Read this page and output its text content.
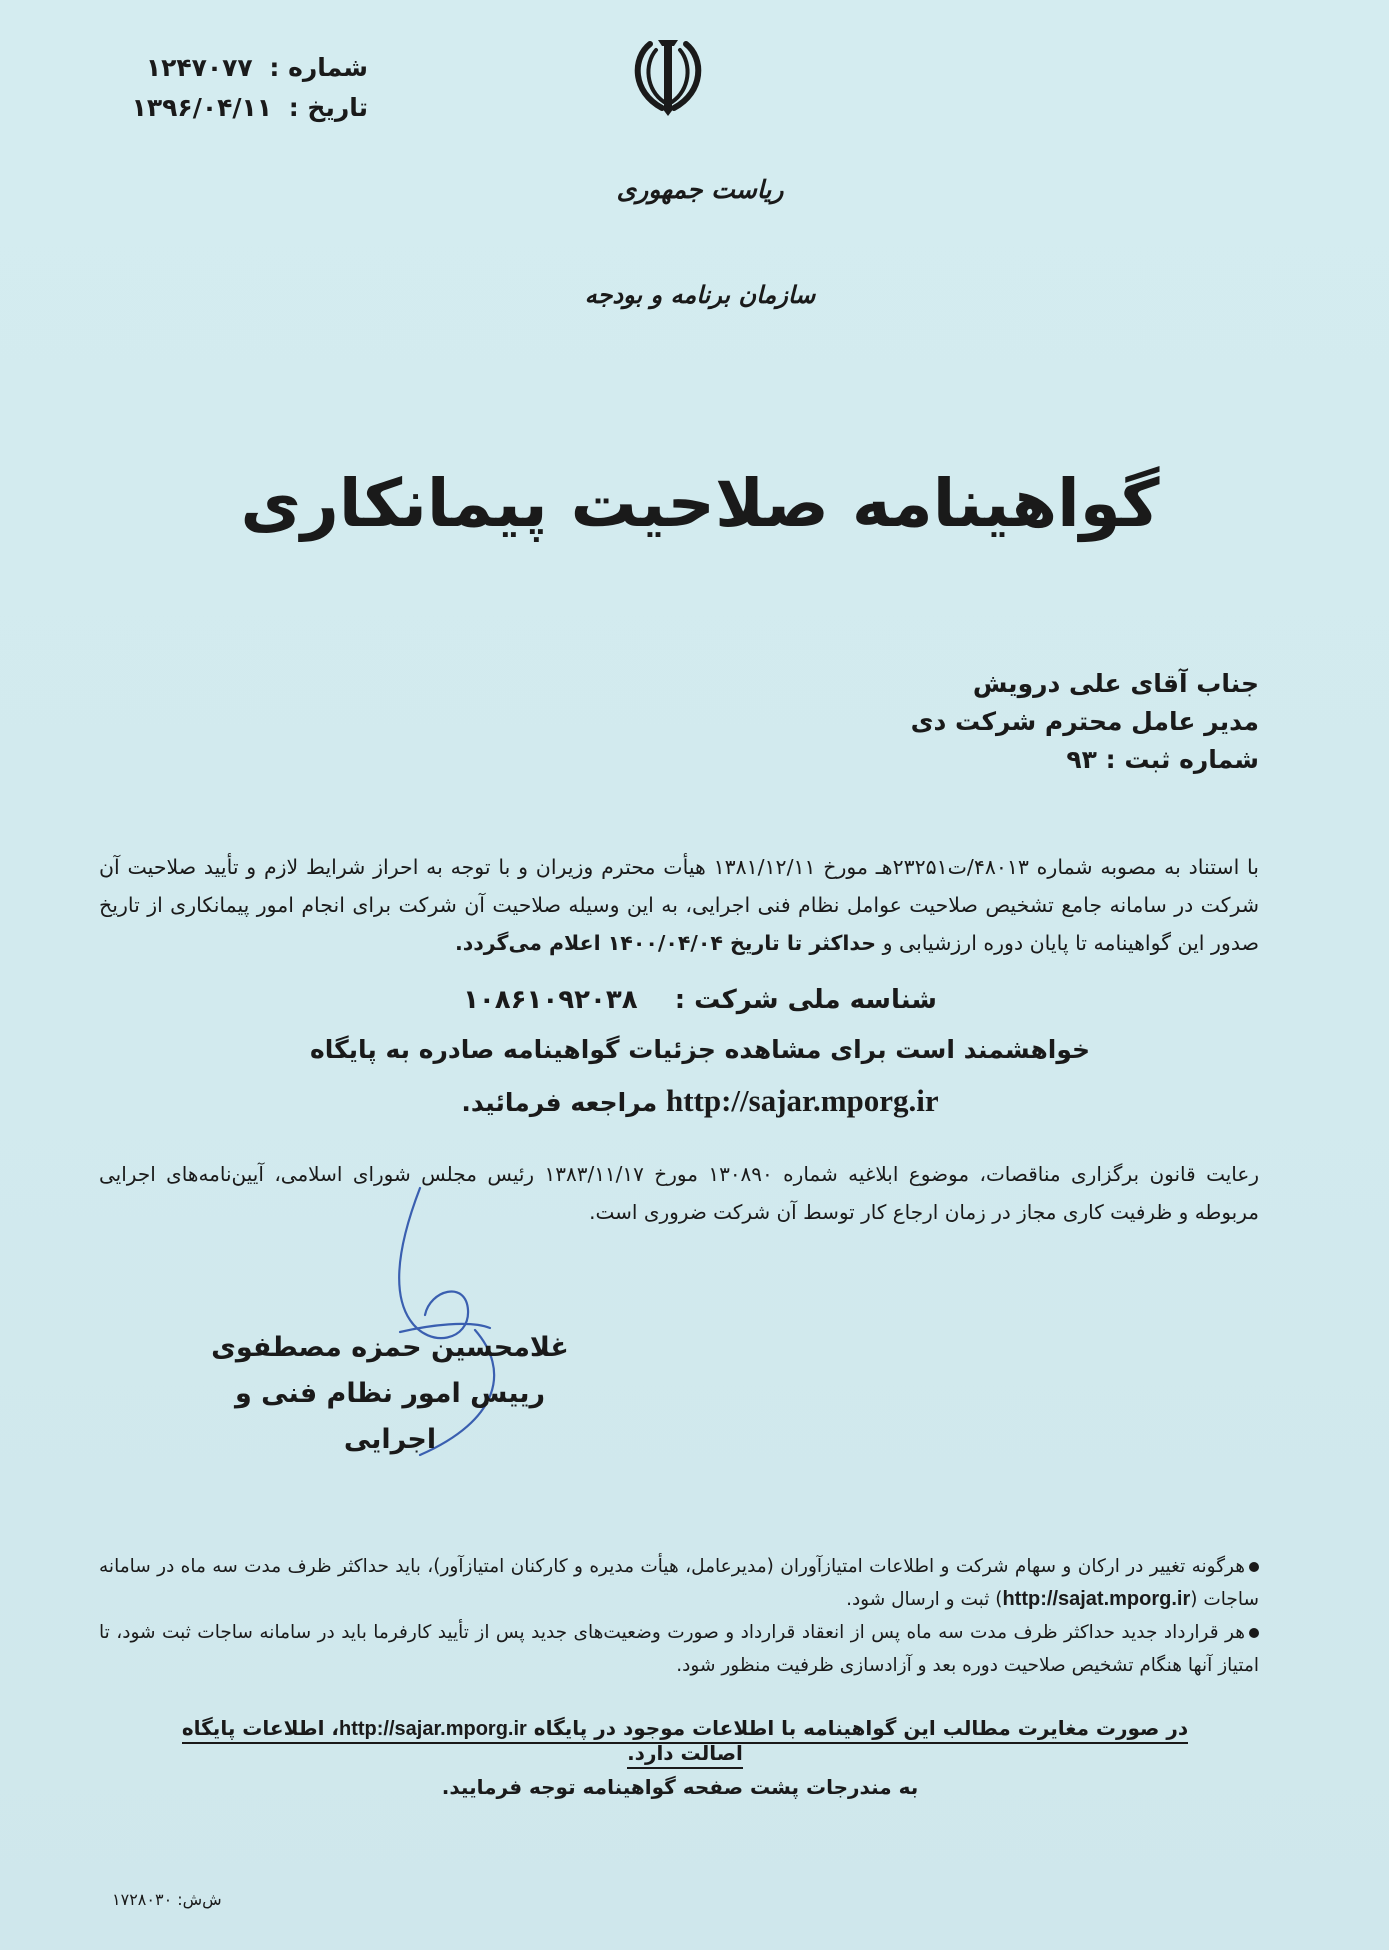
شماره : ۱۲۴۷۰۷۷
تاریخ : ۱۳۹۶/۰۴/۱۱
ریاست جمهوری
سازمان برنامه و بودجه
گواهینامه صلاحیت پیمانکاری
جناب آقای علی درویش
مدیر عامل محترم شرکت دی
شماره ثبت : ۹۳
با استناد به مصوبه شماره ۴۸۰۱۳/ت۲۳۲۵۱هـ مورخ ۱۳۸۱/۱۲/۱۱ هیأت محترم وزیران و با توجه به احراز شرایط لازم و تأیید صلاحیت آن شرکت در سامانه جامع تشخیص صلاحیت عوامل نظام فنی اجرایی، به این وسیله صلاحیت آن شرکت برای انجام امور پیمانکاری از تاریخ صدور این گواهینامه تا پایان دوره ارزشیابی و حداکثر تا تاریخ ۱۴۰۰/۰۴/۰۴ اعلام می‌گردد.
شناسه ملی شرکت : ۱۰۸۶۱۰۹۲۰۳۸
خواهشمند است برای مشاهده جزئیات گواهینامه صادره به پایگاه
http://sajar.mporg.ir مراجعه فرمائید.
رعایت قانون برگزاری مناقصات، موضوع ابلاغیه شماره ۱۳۰۸۹۰ مورخ ۱۳۸۳/۱۱/۱۷ رئیس مجلس شورای اسلامی، آیین‌نامه‌های اجرایی مربوطه و ظرفیت کاری مجاز در زمان ارجاع کار توسط آن شرکت ضروری است.
غلامحسین حمزه مصطفوی
رییس امور نظام فنی و اجرایی
هرگونه تغییر در ارکان و سهام شرکت و اطلاعات امتیازآوران (مدیرعامل، هیأت مدیره و کارکنان امتیازآور)، باید حداکثر ظرف مدت سه ماه در سامانه ساجات (http://sajat.mporg.ir) ثبت و ارسال شود.
هر قرارداد جدید حداکثر ظرف مدت سه ماه پس از انعقاد قرارداد و صورت وضعیت‌های جدید پس از تأیید کارفرما باید در سامانه ساجات ثبت شود، تا امتیاز آنها هنگام تشخیص صلاحیت دوره بعد و آزادسازی ظرفیت منظور شود.
در صورت مغایرت مطالب این گواهینامه با اطلاعات موجود در پایگاه http://sajar.mporg.ir، اطلاعات پایگاه اصالت دارد.
به مندرجات پشت صفحه گواهینامه توجه فرمایید.
ش‌ش: ۱۷۲۸۰۳۰
